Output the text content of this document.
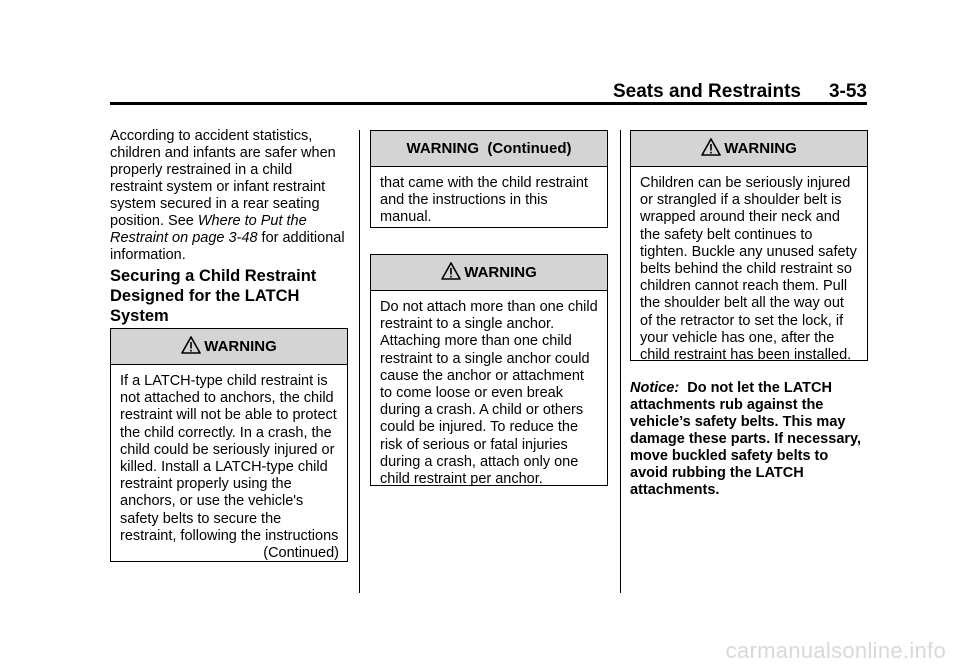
Seats and Restraints 3-53
According to accident statistics, children and infants are safer when properly restrained in a child restraint system or infant restraint system secured in a rear seating position. See Where to Put the Restraint on page 3-48 for additional information.
Securing a Child Restraint Designed for the LATCH System
WARNING

If a LATCH-type child restraint is not attached to anchors, the child restraint will not be able to protect the child correctly. In a crash, the child could be seriously injured or killed. Install a LATCH-type child restraint properly using the anchors, or use the vehicle's safety belts to secure the restraint, following the instructions

(Continued)

WARNING  (Continued)

that came with the child restraint and the instructions in this manual.

WARNING

Do not attach more than one child restraint to a single anchor. Attaching more than one child restraint to a single anchor could cause the anchor or attachment to come loose or even break during a crash. A child or others could be injured. To reduce the risk of serious or fatal injuries during a crash, attach only one child restraint per anchor.

WARNING

Children can be seriously injured or strangled if a shoulder belt is wrapped around their neck and the safety belt continues to tighten. Buckle any unused safety belts behind the child restraint so children cannot reach them. Pull the shoulder belt all the way out of the retractor to set the lock, if your vehicle has one, after the child restraint has been installed.

Notice: Do not let the LATCH attachments rub against the vehicle’s safety belts. This may damage these parts. If necessary, move buckled safety belts to avoid rubbing the LATCH attachments.
carmanualsonline.info
